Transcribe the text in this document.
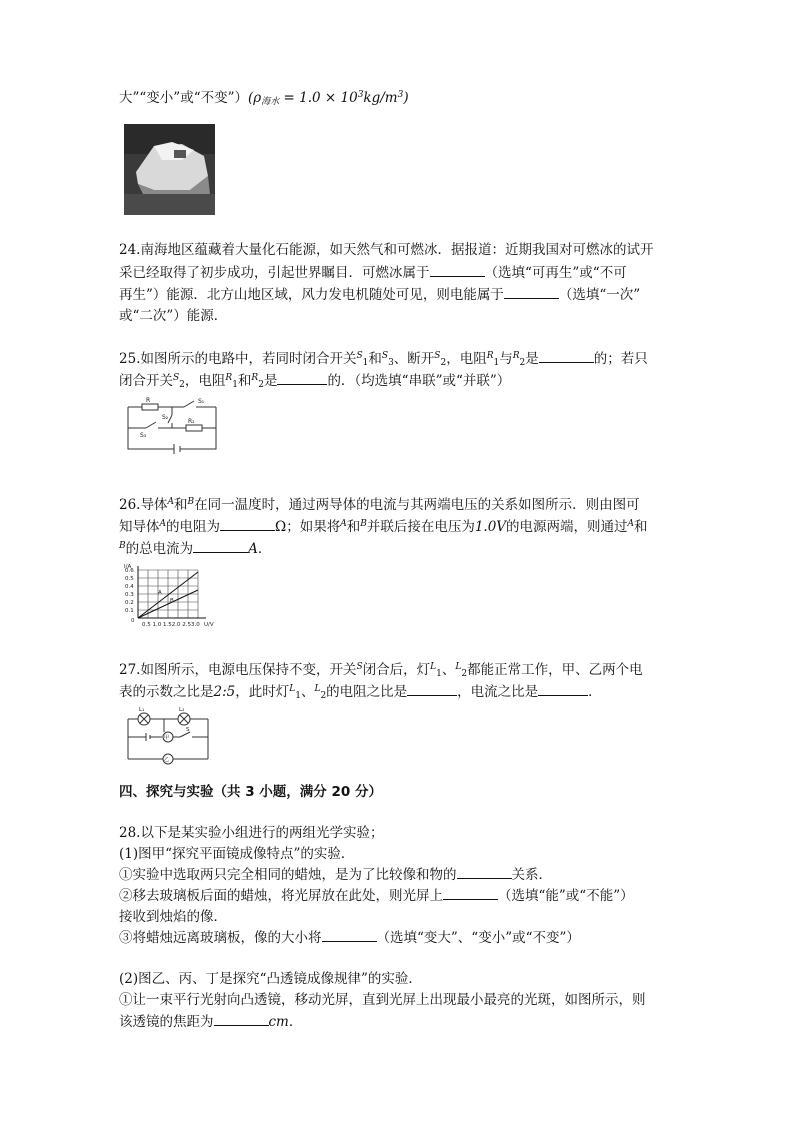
大”“变小”或“不变$”)(\rho_{海水} = 1.0 \times 10^3kg/m^3)$
24.南海地区蕴藏着大量化石能源，如天然气和可燃冰．据报道：近期我国对可燃冰的试开
采已经取得了初步成功，引起世界瞩目．可燃冰属于	（选填“可再生”或“不可
再生”）能源．北方山地区域，风力发电机随处可见，则电能属于	（选填“一次”
或“二次”）能源．
25.如图所示的电路中，若同时闭合开关$^S_1$和$^S_3$、断开$^S_2$，电阻$^R_1$与$^R_2$是	的；若只
闭合开关$^S_2$，电阻$^R_1$和$^R_2$是	的．（均选填“串联”或“并联”）
R	S₁
S₂
S₃
R₂
26.导体$^A$和$^B$在同一温度时，通过两导体的电流与其两端电压的关系如图所示．则由图可
知导体$^A$的电阻为	Ω；如果将$^A$和$^B$并联后接在电压为1.0V的电源两端，则通过$^A$和
$^B$的总电流为	A．
I/A
0.6
0.5
0.4
0.3
0.2
0.1
0
0.5 1.0 1.52.0 2.53.0 U/V
A
B
27.如图所示，电源电压保持不变，开关$^S$闭合后，灯$^L_1$、$^L_2$都能正常工作，甲、乙两个电
表的示数之比是2:5，此时灯$^L_1$、$^L_2$的电阻之比是	，电流之比是	．
L₁	L₂
S
甲
乙
四、探究与实验（共 3 小题，满分 20 分）
28.以下是某实验小组进行的两组光学实验；
(1)图甲“探究平面镜成像特点”的实验．
①实验中选取两只完全相同的蜡烛，是为了比较像和物的	关系．
②移去玻璃板后面的蜡烛，将光屏放在此处，则光屏上	（选填“能”或“不能”）
接收到烛焰的像．
③将蜡烛远离玻璃板，像的大小将	（选填“变大”、“变小”或“不变”）
(2)图乙、丙、丁是探究“凸透镜成像规律”的实验．
①让一束平行光射向凸透镜，移动光屏，直到光屏上出现最小最亮的光斑，如图所示，则
该透镜的焦距为	cm．
